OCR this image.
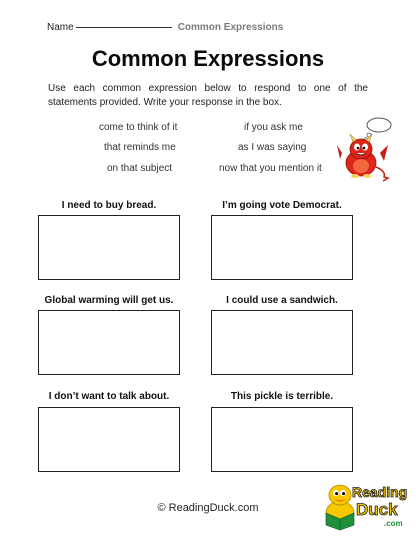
Name	Common Expressions
Common Expressions
Use each common expression below to respond to one of the statements provided. Write your response in the box.
come to think of it	if you ask me
that reminds me	as I was saying
on that subject	now that you mention it
I need to buy bread.	I’m going vote Democrat.
Global warming will get us.	I could use a sandwich.
I don’t want to talk about.	This pickle is terrible.
© ReadingDuck.com
Reading
Duck
.com
